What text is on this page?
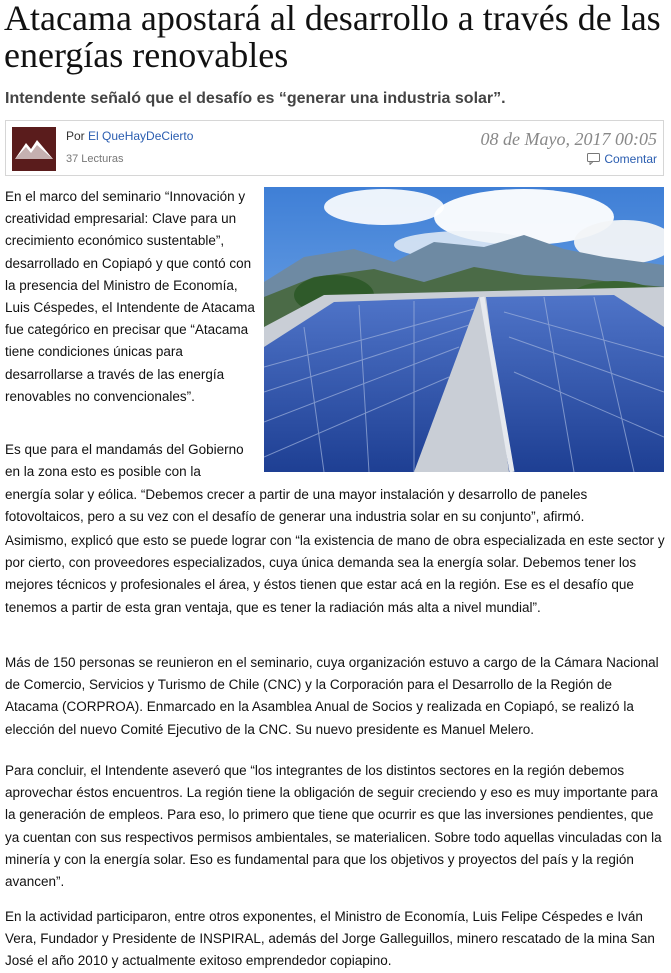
Atacama apostará al desarrollo a través de las energías renovables
Intendente señaló que el desafío es “generar una industria solar”.
Por El QueHayDeCierto
37 Lecturas
08 de Mayo, 2017 00:05
Comentar

En el marco del seminario “Innovación y creatividad empresarial: Clave para un crecimiento económico sustentable”, desarrollado en Copiapó y que contó con la presencia del Ministro de Economía, Luis Céspedes, el Intendente de Atacama fue categórico en precisar que “Atacama tiene condiciones únicas para desarrollarse a través de las energía renovables no convencionales”.

Es que para el mandamás del Gobierno en la zona esto es posible con la

energía solar y eólica. “Debemos crecer a partir de una mayor instalación y desarrollo de paneles fotovoltaicos, pero a su vez con el desafío de generar una industria solar en su conjunto”, afirmó.

Asimismo, explicó que esto se puede lograr con “la existencia de mano de obra especializada en este sector y por cierto, con proveedores especializados, cuya única demanda sea la energía solar. Debemos tener los mejores técnicos y profesionales el área, y éstos tienen que estar acá en la región. Ese es el desafío que tenemos a partir de esta gran ventaja, que es tener la radiación más alta a nivel mundial”.

Más de 150 personas se reunieron en el seminario, cuya organización estuvo a cargo de la Cámara Nacional de Comercio, Servicios y Turismo de Chile (CNC) y la Corporación para el Desarrollo de la Región de Atacama (CORPROA). Enmarcado en la Asamblea Anual de Socios y realizada en Copiapó, se realizó la elección del nuevo Comité Ejecutivo de la CNC. Su nuevo presidente es Manuel Melero.

Para concluir, el Intendente aseveró que “los integrantes de los distintos sectores en la región debemos aprovechar éstos encuentros. La región tiene la obligación de seguir creciendo y eso es muy importante para la generación de empleos. Para eso, lo primero que tiene que ocurrir es que las inversiones pendientes, que ya cuentan con sus respectivos permisos ambientales, se materialicen. Sobre todo aquellas vinculadas con la minería y con la energía solar. Eso es fundamental para que los objetivos y proyectos del país y la región avancen”.

En la actividad participaron, entre otros exponentes, el Ministro de Economía, Luis Felipe Céspedes e Iván Vera, Fundador y Presidente de INSPIRAL, además del Jorge Galleguillos, minero rescatado de la mina San José el año 2010 y actualmente exitoso emprendedor copiapino.
